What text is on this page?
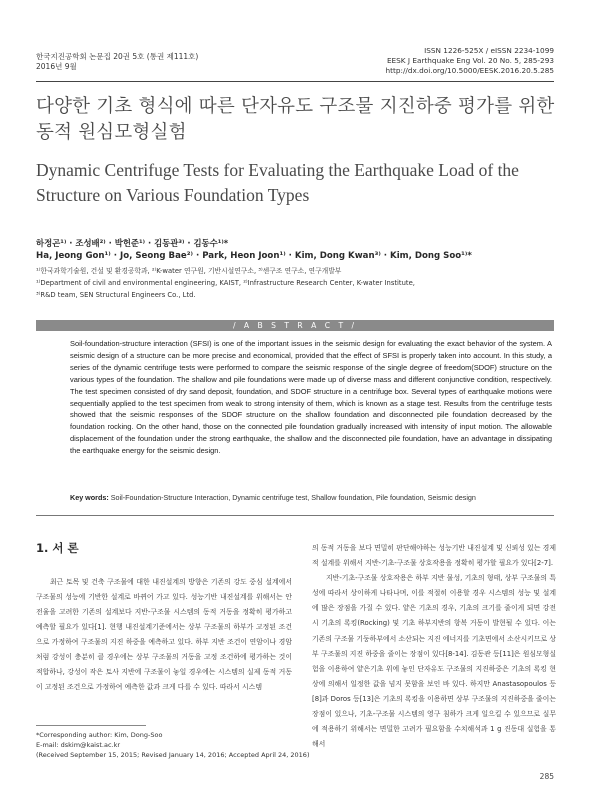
한국지진공학회 논문집 20권 5호 (통권 제111호)
2016년 9월
ISSN 1226-525X / eISSN 2234-1099
EESK J Earthquake Eng Vol. 20 No. 5, 285-293
http://dx.doi.org/10.5000/EESK.2016.20.5.285
다양한 기초 형식에 따른 단자유도 구조물 지진하중 평가를 위한 동적 원심모형실험
Dynamic Centrifuge Tests for Evaluating the Earthquake Load of the Structure on Various Foundation Types
하정곤¹⁾ · 조성배²⁾ · 박헌준¹⁾ · 김동관³⁾ · 김동수¹⁾*
Ha, Jeong Gon¹⁾ · Jo, Seong Bae²⁾ · Park, Heon Joon¹⁾ · Kim, Dong Kwan³⁾ · Kim, Dong Soo¹⁾*
¹⁾한국과학기술원, 건설 및 환경공학과, ²⁾K-water 연구원, 기반시설연구소, ³⁾센구조 연구소, 연구개발부
¹⁾Department of civil and environmental engineering, KAIST, ²⁾Infrastructure Research Center, K-water Institute,
³⁾R&D team, SEN Structural Engineers Co., Ltd.
/ A B S T R A C T /
Soil-foundation-structure interaction (SFSI) is one of the important issues in the seismic design for evaluating the exact behavior of the system. A seismic design of a structure can be more precise and economical, provided that the effect of SFSI is properly taken into account. In this study, a series of the dynamic centrifuge tests were performed to compare the seismic response of the single degree of freedom(SDOF) structure on the various types of the foundation. The shallow and pile foundations were made up of diverse mass and different conjunctive condition, respectively. The test specimen consisted of dry sand deposit, foundation, and SDOF structure in a centrifuge box. Several types of earthquake motions were sequentially applied to the test specimen from weak to strong intensity of them, which is known as a stage test. Results from the centrifuge tests showed that the seismic responses of the SDOF structure on the shallow foundation and disconnected pile foundation decreased by the foundation rocking. On the other hand, those on the connected pile foundation gradually increased with intensity of input motion. The allowable displacement of the foundation under the strong earthquake, the shallow and the disconnected pile foundation, have an advantage in dissipating the earthquake energy for the seismic design.
Key words: Soil-Foundation-Structure Interaction, Dynamic centrifuge test, Shallow foundation, Pile foundation, Seismic design
1. 서 론
최근 토목 및 건축 구조물에 대한 내진설계의 방향은 기존의 강도 중심 설계에서 구조물의 성능에 기반한 설계로 바뀌어 가고 있다. 성능기반 내진설계를 위해서는 안전율을 고려한 기존의 설계보다 지반-구조물 시스템의 동적 거동을 정확히 평가하고 예측할 필요가 있다[1]. 현행 내진설계기준에서는 상부 구조물의 하부가 고정된 조건으로 가정하여 구조물의 지진 하중을 예측하고 있다. 하부 지반 조건이 연암이나 경암처럼 강성이 충분히 클 경우에는 상부 구조물의 거동을 고정 조건하에 평가하는 것이 적합하나, 강성이 작은 토사 지반에 구조물이 놓일 경우에는 시스템의 실제 동적 거동이 고정된 조건으로 가정하여 예측한 값과 크게 다를 수 있다. 따라서 시스템

의 동적 거동을 보다 면밀히 판단해야하는 성능기반 내진설계 및 신뢰성 있는 경제적 설계를 위해서 지반-기초-구조물 상호작용을 정확히 평가할 필요가 있다[2-7].

지반-기초-구조물 상호작용은 하부 지반 물성, 기초의 형태, 상부 구조물의 특성에 따라서 상이하게 나타나며, 이를 적절히 이용할 경우 시스템의 성능 및 설계에 많은 장점을 가질 수 있다. 얕은 기초의 경우, 기초의 크기를 줄이게 되면 강전 시 기초의 록킹(Rocking) 및 기초 하부지반의 항복 거동이 발현될 수 있다. 이는 기존의 구조물 기둥하부에서 소산되는 지진 에너지를 기초면에서 소산시키므로 상부 구조물의 지진 하중을 줄이는 장점이 있다[8-14]. 김동관 등[11]은 원심모형실험을 이용하여 얕은기초 위에 놓인 단자유도 구조물의 지진하중은 기초의 록킹 현상에 의해서 일정한 값을 넘지 못함을 보인 바 있다. 하지만 Anastasopoulos 등[8]과 Doros 등[13]은 기초의 록킹을 이용하면 상부 구조물의 지진하중을 줄이는 장점이 있으나, 기초-구조물 시스템의 영구 침하가 크게 일으킬 수 있으므로 실무에 적용하기 위해서는 면밀한 고려가 필요함을 수치해석과 1 g 진동대 실험을 통해서

*Corresponding author: Kim, Dong-Soo
E-mail: dskim@kaist.ac.kr
(Received September 15, 2015; Revised January 14, 2016; Accepted April 24, 2016)
285
